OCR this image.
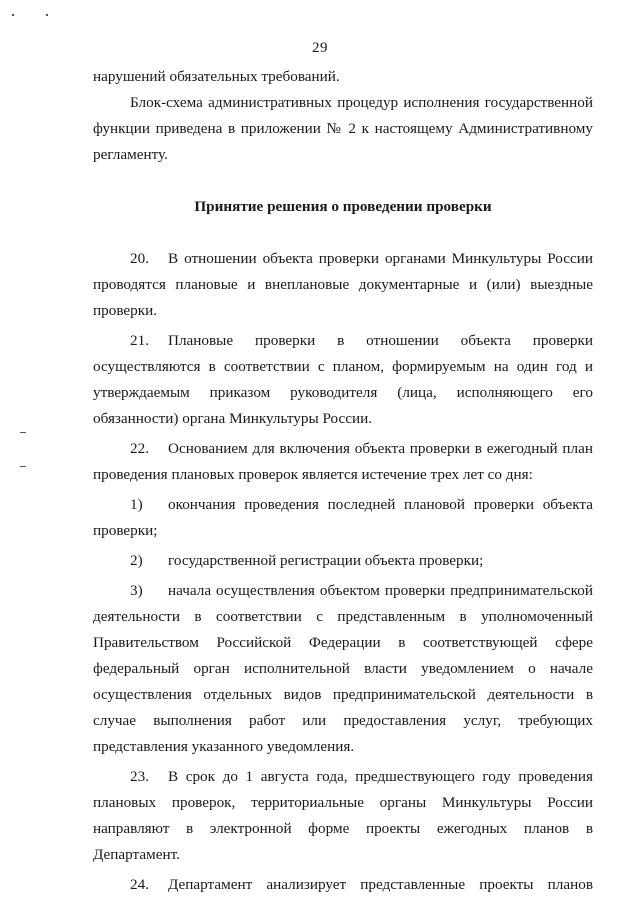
29

нарушений обязательных требований.

Блок-схема административных процедур исполнения государственной функции приведена в приложении № 2 к настоящему Административному регламенту.

Принятие решения о проведении проверки

20. В отношении объекта проверки органами Минкультуры России проводятся плановые и внеплановые документарные и (или) выездные проверки.

21. Плановые проверки в отношении объекта проверки осуществляются в соответствии с планом, формируемым на один год и утверждаемым приказом руководителя (лица, исполняющего его обязанности) органа Минкультуры России.

22. Основанием для включения объекта проверки в ежегодный план проведения плановых проверок является истечение трех лет со дня:

1) окончания проведения последней плановой проверки объекта проверки;

2) государственной регистрации объекта проверки;

3) начала осуществления объектом проверки предпринимательской деятельности в соответствии с представленным в уполномоченный Правительством Российской Федерации в соответствующей сфере федеральный орган исполнительной власти уведомлением о начале осуществления отдельных видов предпринимательской деятельности в случае выполнения работ или предоставления услуг, требующих представления указанного уведомления.

23. В срок до 1 августа года, предшествующего году проведения плановых проверок, территориальные органы Минкультуры России направляют в электронной форме проекты ежегодных планов в Департамент.

24. Департамент анализирует представленные проекты планов
